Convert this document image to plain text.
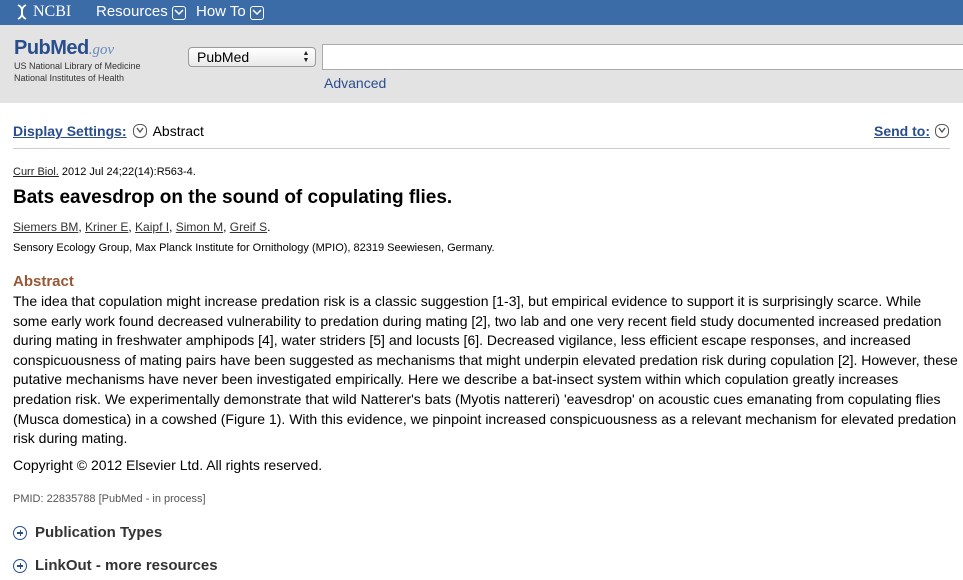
NCBI Resources How To
PubMed.gov
US National Library of Medicine
National Institutes of Health
PubMed	▲
▼
Advanced
Display Settings: Abstract	Send to:
Curr Biol. 2012 Jul 24;22(14):R563-4.
Bats eavesdrop on the sound of copulating flies.
Siemers BM, Kriner E, Kaipf I, Simon M, Greif S.
Sensory Ecology Group, Max Planck Institute for Ornithology (MPIO), 82319 Seewiesen, Germany.
Abstract
The idea that copulation might increase predation risk is a classic suggestion [1-3], but empirical evidence to support it is surprisingly scarce. While some early work found decreased vulnerability to predation during mating [2], two lab and one very recent field study documented increased predation during mating in freshwater amphipods [4], water striders [5] and locusts [6]. Decreased vigilance, less efficient escape responses, and increased conspicuousness of mating pairs have been suggested as mechanisms that might underpin elevated predation risk during copulation [2]. However, these putative mechanisms have never been investigated empirically. Here we describe a bat-insect system within which copulation greatly increases predation risk. We experimentally demonstrate that wild Natterer's bats (Myotis nattereri) 'eavesdrop' on acoustic cues emanating from copulating flies (Musca domestica) in a cowshed (Figure 1). With this evidence, we pinpoint increased conspicuousness as a relevant mechanism for elevated predation risk during mating.
Copyright © 2012 Elsevier Ltd. All rights reserved.
PMID: 22835788 [PubMed - in process]
Publication Types
LinkOut - more resources
